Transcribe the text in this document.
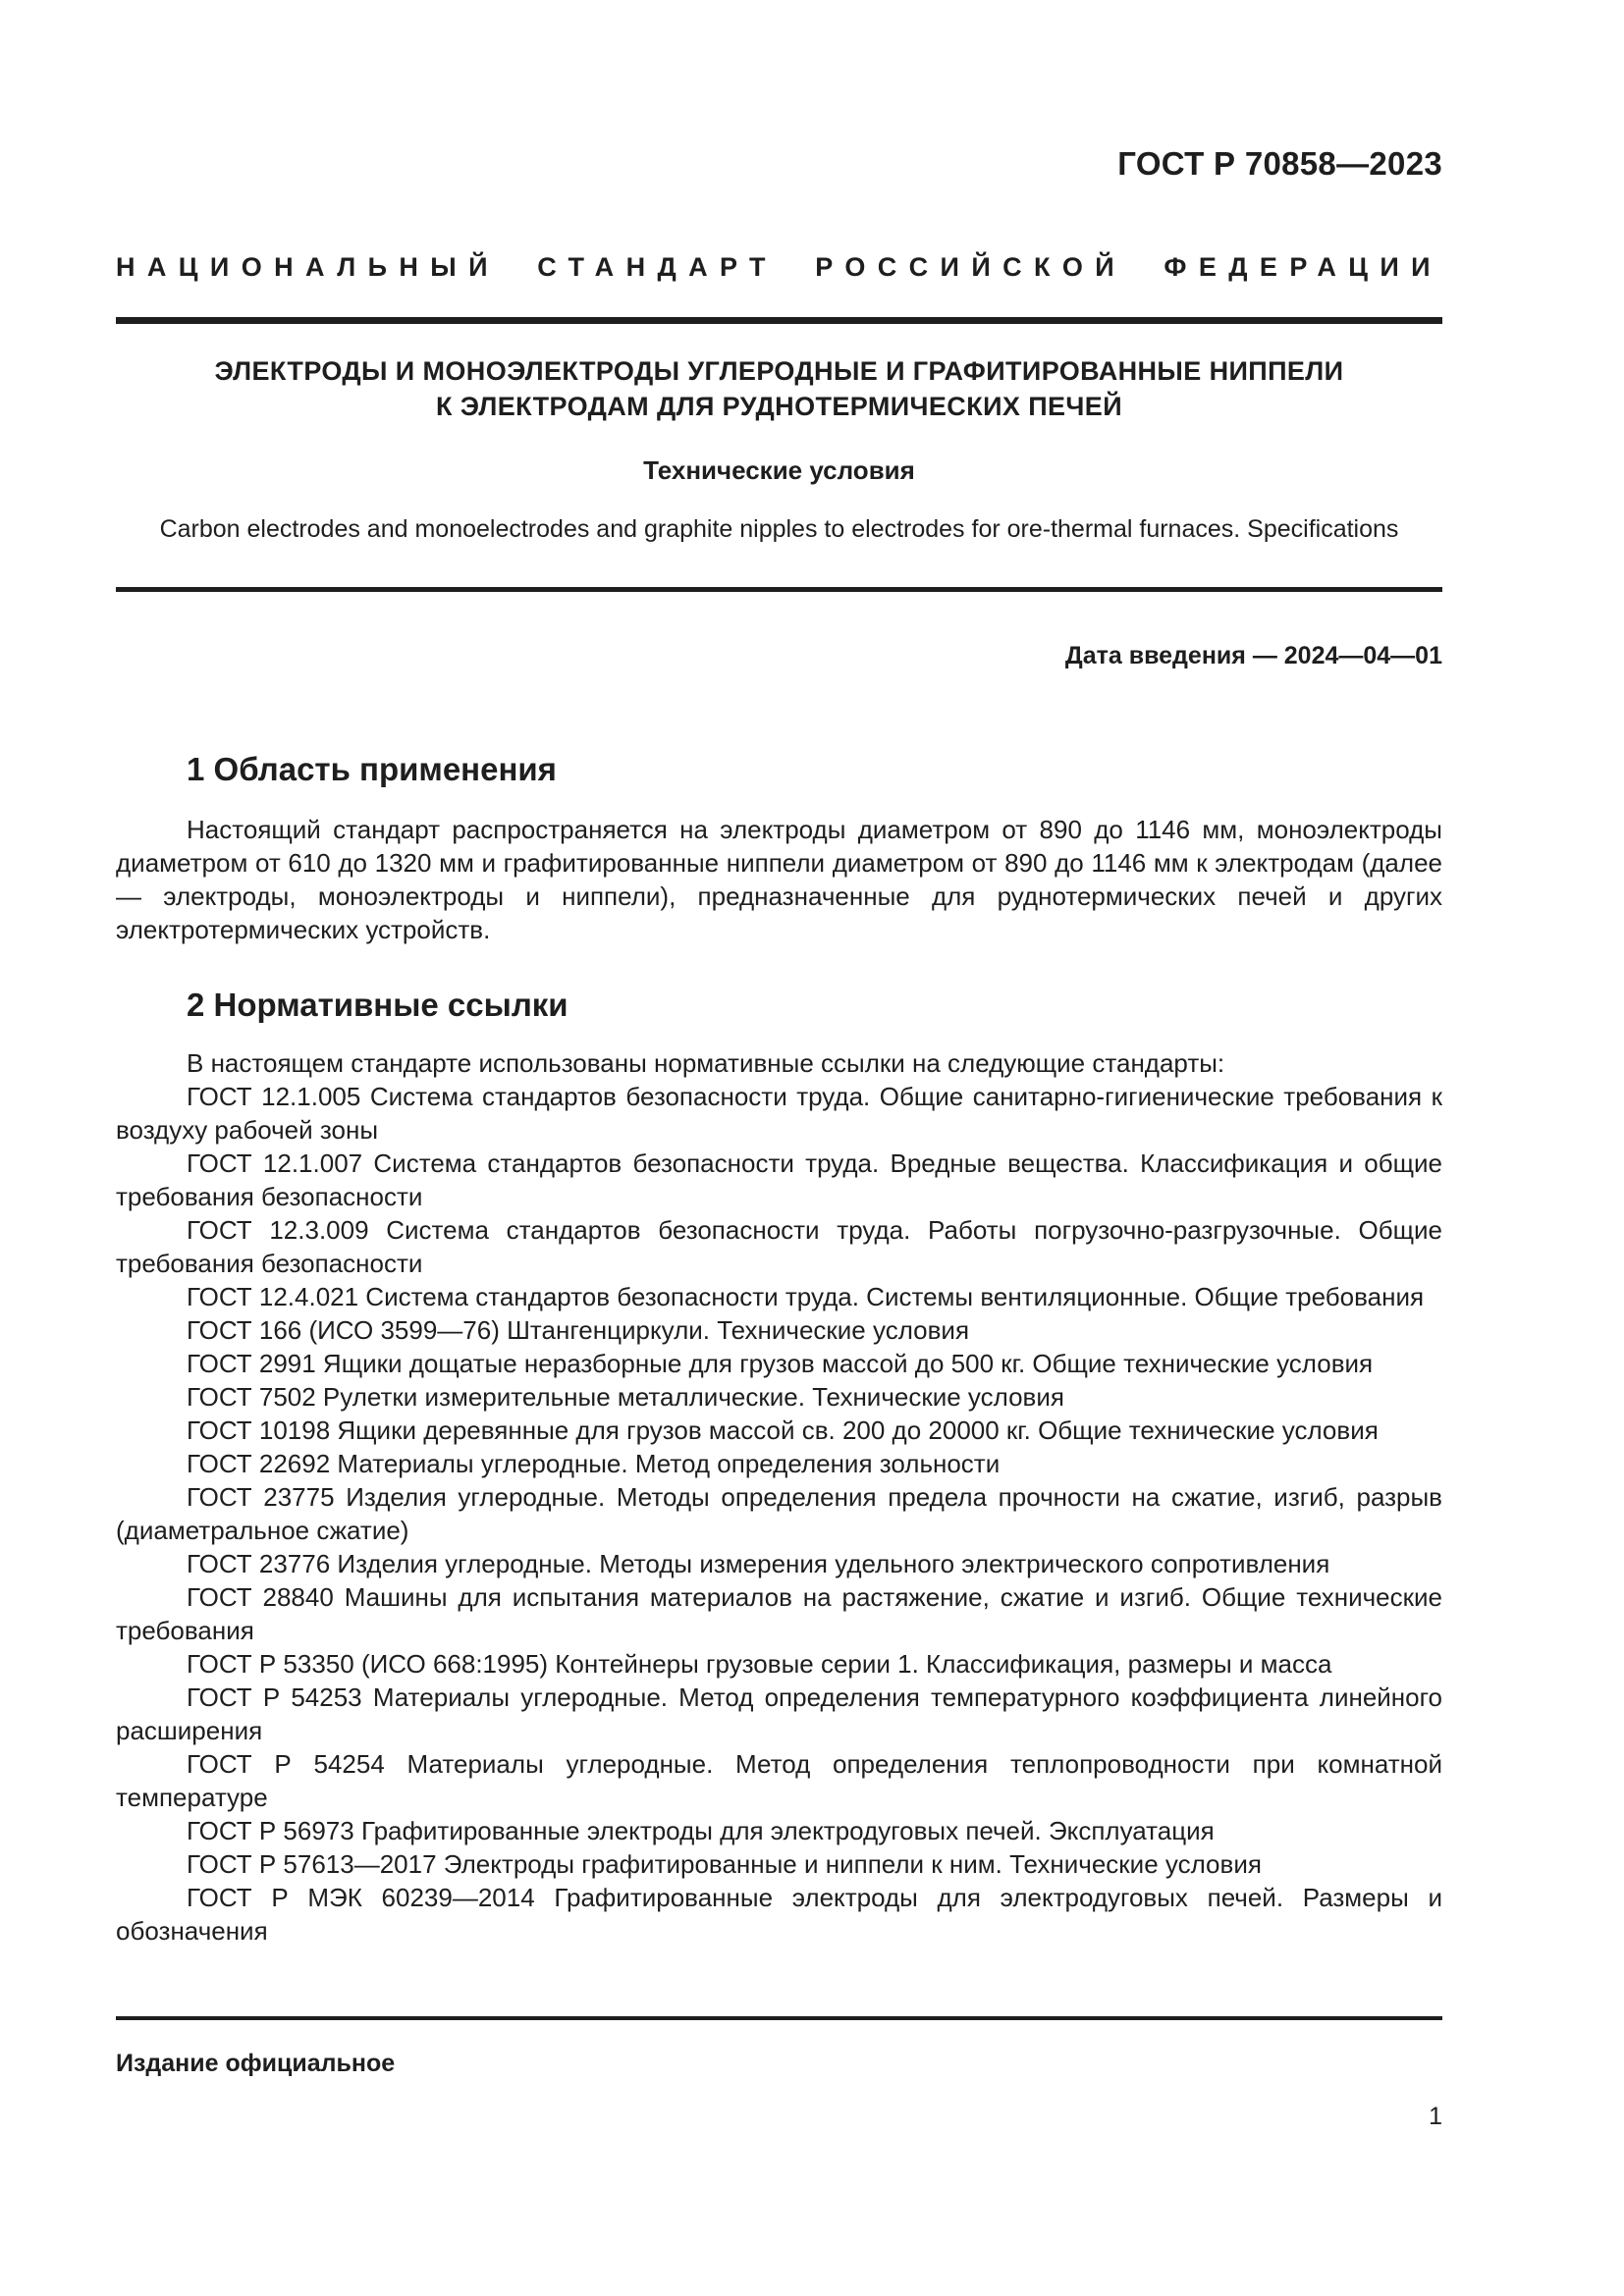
ГОСТ Р 70858—2023
НАЦИОНАЛЬНЫЙ СТАНДАРТ РОССИЙСКОЙ ФЕДЕРАЦИИ
ЭЛЕКТРОДЫ И МОНОЭЛЕКТРОДЫ УГЛЕРОДНЫЕ И ГРАФИТИРОВАННЫЕ НИППЕЛИ
К ЭЛЕКТРОДАМ ДЛЯ РУДНОТЕРМИЧЕСКИХ ПЕЧЕЙ
Технические условия
Carbon electrodes and monoelectrodes and graphite nipples to electrodes for ore-thermal furnaces. Specifications
Дата введения — 2024—04—01
1 Область применения

Настоящий стандарт распространяется на электроды диаметром от 890 до 1146 мм, моноэлектроды диаметром от 610 до 1320 мм и графитированные ниппели диаметром от 890 до 1146 мм к электродам (далее — электроды, моноэлектроды и ниппели), предназначенные для руднотермических печей и других электротермических устройств.

2 Нормативные ссылки

В настоящем стандарте использованы нормативные ссылки на следующие стандарты:

ГОСТ 12.1.005 Система стандартов безопасности труда. Общие санитарно-гигиенические требования к воздуху рабочей зоны

ГОСТ 12.1.007 Система стандартов безопасности труда. Вредные вещества. Классификация и общие требования безопасности

ГОСТ 12.3.009 Система стандартов безопасности труда. Работы погрузочно-разгрузочные. Общие требования безопасности

ГОСТ 12.4.021 Система стандартов безопасности труда. Системы вентиляционные. Общие требования

ГОСТ 166 (ИСО 3599—76) Штангенциркули. Технические условия

ГОСТ 2991 Ящики дощатые неразборные для грузов массой до 500 кг. Общие технические условия

ГОСТ 7502 Рулетки измерительные металлические. Технические условия

ГОСТ 10198 Ящики деревянные для грузов массой св. 200 до 20000 кг. Общие технические условия

ГОСТ 22692 Материалы углеродные. Метод определения зольности

ГОСТ 23775 Изделия углеродные. Методы определения предела прочности на сжатие, изгиб, разрыв (диаметральное сжатие)

ГОСТ 23776 Изделия углеродные. Методы измерения удельного электрического сопротивления

ГОСТ 28840 Машины для испытания материалов на растяжение, сжатие и изгиб. Общие технические требования

ГОСТ Р 53350 (ИСО 668:1995) Контейнеры грузовые серии 1. Классификация, размеры и масса

ГОСТ Р 54253 Материалы углеродные. Метод определения температурного коэффициента линейного расширения

ГОСТ Р 54254 Материалы углеродные. Метод определения теплопроводности при комнатной температуре

ГОСТ Р 56973 Графитированные электроды для электродуговых печей. Эксплуатация

ГОСТ Р 57613—2017 Электроды графитированные и ниппели к ним. Технические условия

ГОСТ Р МЭК 60239—2014 Графитированные электроды для электродуговых печей. Размеры и обозначения

Издание официальное
1
